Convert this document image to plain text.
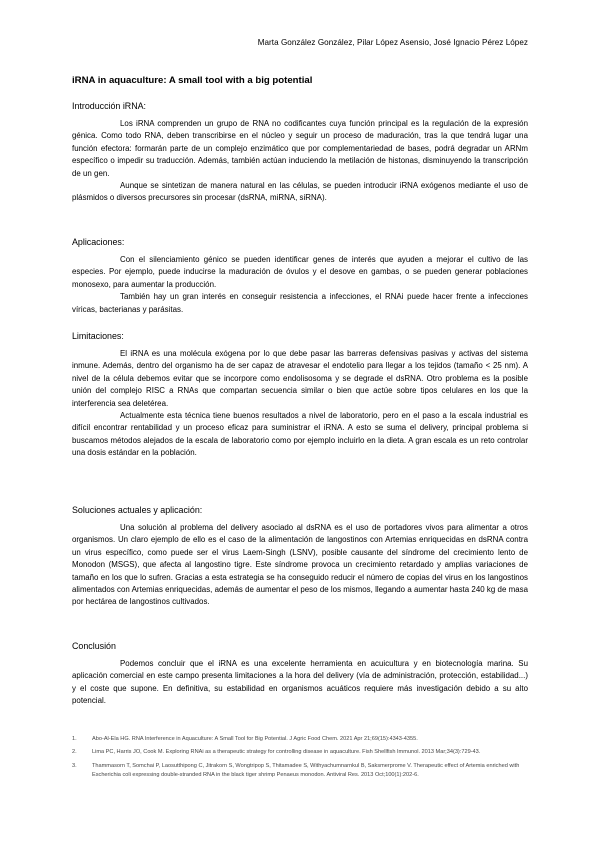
Marta González González, Pilar López Asensio, José Ignacio Pérez López
iRNA in aquaculture: A small tool with a big potential
Introducción iRNA:

Los iRNA comprenden un grupo de RNA no codificantes cuya función principal es la regulación de la expresión génica. Como todo RNA, deben transcribirse en el núcleo y seguir un proceso de maduración, tras la que tendrá lugar una función efectora: formarán parte de un complejo enzimático que por complementariedad de bases, podrá degradar un ARNm específico o impedir su traducción. Además, también actúan induciendo la metilación de histonas, disminuyendo la transcripción de un gen.

Aunque se sintetizan de manera natural en las células, se pueden introducir iRNA exógenos mediante el uso de plásmidos o diversos precursores sin procesar (dsRNA, miRNA, siRNA).

Aplicaciones:

Con el silenciamiento génico se pueden identificar genes de interés que ayuden a mejorar el cultivo de las especies. Por ejemplo, puede inducirse la maduración de óvulos y el desove en gambas, o se pueden generar poblaciones monosexo, para aumentar la producción.

También hay un gran interés en conseguir resistencia a infecciones, el RNAi puede hacer frente a infecciones víricas, bacterianas y parásitas.

Limitaciones:

El iRNA es una molécula exógena por lo que debe pasar las barreras defensivas pasivas y activas del sistema inmune. Además, dentro del organismo ha de ser capaz de atravesar el endotelio para llegar a los tejidos (tamaño < 25 nm). A nivel de la célula debemos evitar que se incorpore como endolisosoma y se degrade el dsRNA. Otro problema es la posible unión del complejo RISC a RNAs que compartan secuencia similar o bien que actúe sobre tipos celulares en los que la interferencia sea deletérea.

Actualmente esta técnica tiene buenos resultados a nivel de laboratorio, pero en el paso a la escala industrial es difícil encontrar rentabilidad y un proceso eficaz para suministrar el iRNA. A esto se suma el delivery, principal problema si buscamos métodos alejados de la escala de laboratorio como por ejemplo incluirlo en la dieta. A gran escala es un reto controlar una dosis estándar en la población.

Soluciones actuales y aplicación:

Una solución al problema del delivery asociado al dsRNA es el uso de portadores vivos para alimentar a otros organismos. Un claro ejemplo de ello es el caso de la alimentación de langostinos con Artemias enriquecidas en dsRNA contra un virus específico, como puede ser el virus Laem-Singh (LSNV), posible causante del síndrome del crecimiento lento de Monodon (MSGS), que afecta al langostino tigre. Este síndrome provoca un crecimiento retardado y amplias variaciones de tamaño en los que lo sufren. Gracias a esta estrategia se ha conseguido reducir el número de copias del virus en los langostinos alimentados con Artemias enriquecidas, además de aumentar el peso de los mismos, llegando a aumentar hasta 240 kg de masa por hectárea de langostinos cultivados.

Conclusión

Podemos concluir que el iRNA es una excelente herramienta en acuicultura y en biotecnología marina. Su aplicación comercial en este campo presenta limitaciones a la hora del delivery (vía de administración, protección, estabilidad...) y el coste que supone. En definitiva, su estabilidad en organismos acuáticos requiere más investigación debido a su alto potencial.

1.	Abo-Al-Ela HG. RNA Interference in Aquaculture: A Small Tool for Big Potential. J Agric Food Chem. 2021 Apr 21;69(15):4343-4355.
2.	Lima PC, Harris JO, Cook M. Exploring RNAi as a therapeutic strategy for controlling disease in aquaculture. Fish Shellfish Immunol. 2013 Mar;34(3):729-43.
3.	Thammasorn T, Somchai P, Laosutthipong C, Jitrakorn S, Wongtripop S, Thitamadee S, Withyachumnarnkul B, Saksmerprome V. Therapeutic effect of Artemia enriched with Escherichia coli expressing double-stranded RNA in the black tiger shrimp Penaeus monodon. Antiviral Res. 2013 Oct;100(1):202-6.
